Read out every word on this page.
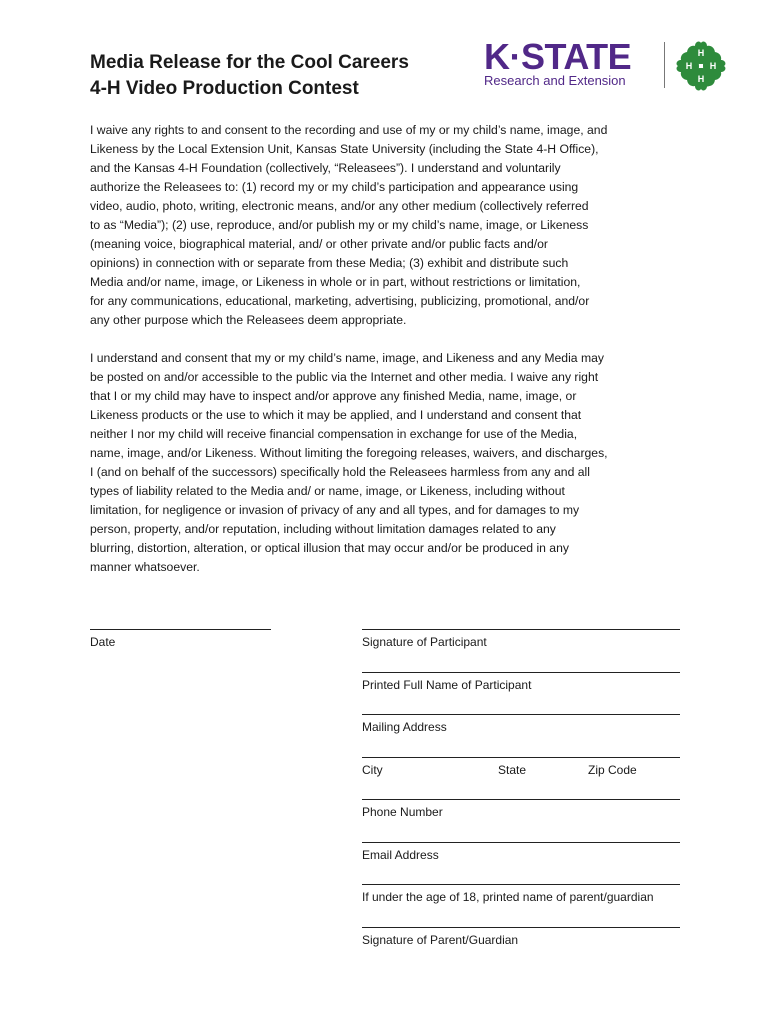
Media Release for the Cool Careers
4-H Video Production Contest
K·STATE
Research and Extension
H
H
H
H
I waive any rights to and consent to the recording and use of my or my child’s name, image, and
Likeness by the Local Extension Unit, Kansas State University (including the State 4-H Office),
and the Kansas 4-H Foundation (collectively, “Releasees”). I understand and voluntarily
authorize the Releasees to: (1) record my or my child’s participation and appearance using
video, audio, photo, writing, electronic means, and/or any other medium (collectively referred
to as “Media”); (2) use, reproduce, and/or publish my or my child’s name, image, or Likeness
(meaning voice, biographical material, and/ or other private and/or public facts and/or
opinions) in connection with or separate from these Media; (3) exhibit and distribute such
Media and/or name, image, or Likeness in whole or in part, without restrictions or limitation,
for any communications, educational, marketing, advertising, publicizing, promotional, and/or
any other purpose which the Releasees deem appropriate.
I understand and consent that my or my child’s name, image, and Likeness and any Media may
be posted on and/or accessible to the public via the Internet and other media. I waive any right
that I or my child may have to inspect and/or approve any finished Media, name, image, or
Likeness products or the use to which it may be applied, and I understand and consent that
neither I nor my child will receive financial compensation in exchange for use of the Media,
name, image, and/or Likeness. Without limiting the foregoing releases, waivers, and discharges,
I (and on behalf of the successors) specifically hold the Releasees harmless from any and all
types of liability related to the Media and/ or name, image, or Likeness, including without
limitation, for negligence or invasion of privacy of any and all types, and for damages to my
person, property, and/or reputation, including without limitation damages related to any
blurring, distortion, alteration, or optical illusion that may occur and/or be produced in any
manner whatsoever.
Date	Signature of Participant
Printed Full Name of Participant
Mailing Address
City	State	Zip Code
Phone Number
Email Address
If under the age of 18, printed name of parent/guardian
Signature of Parent/Guardian
